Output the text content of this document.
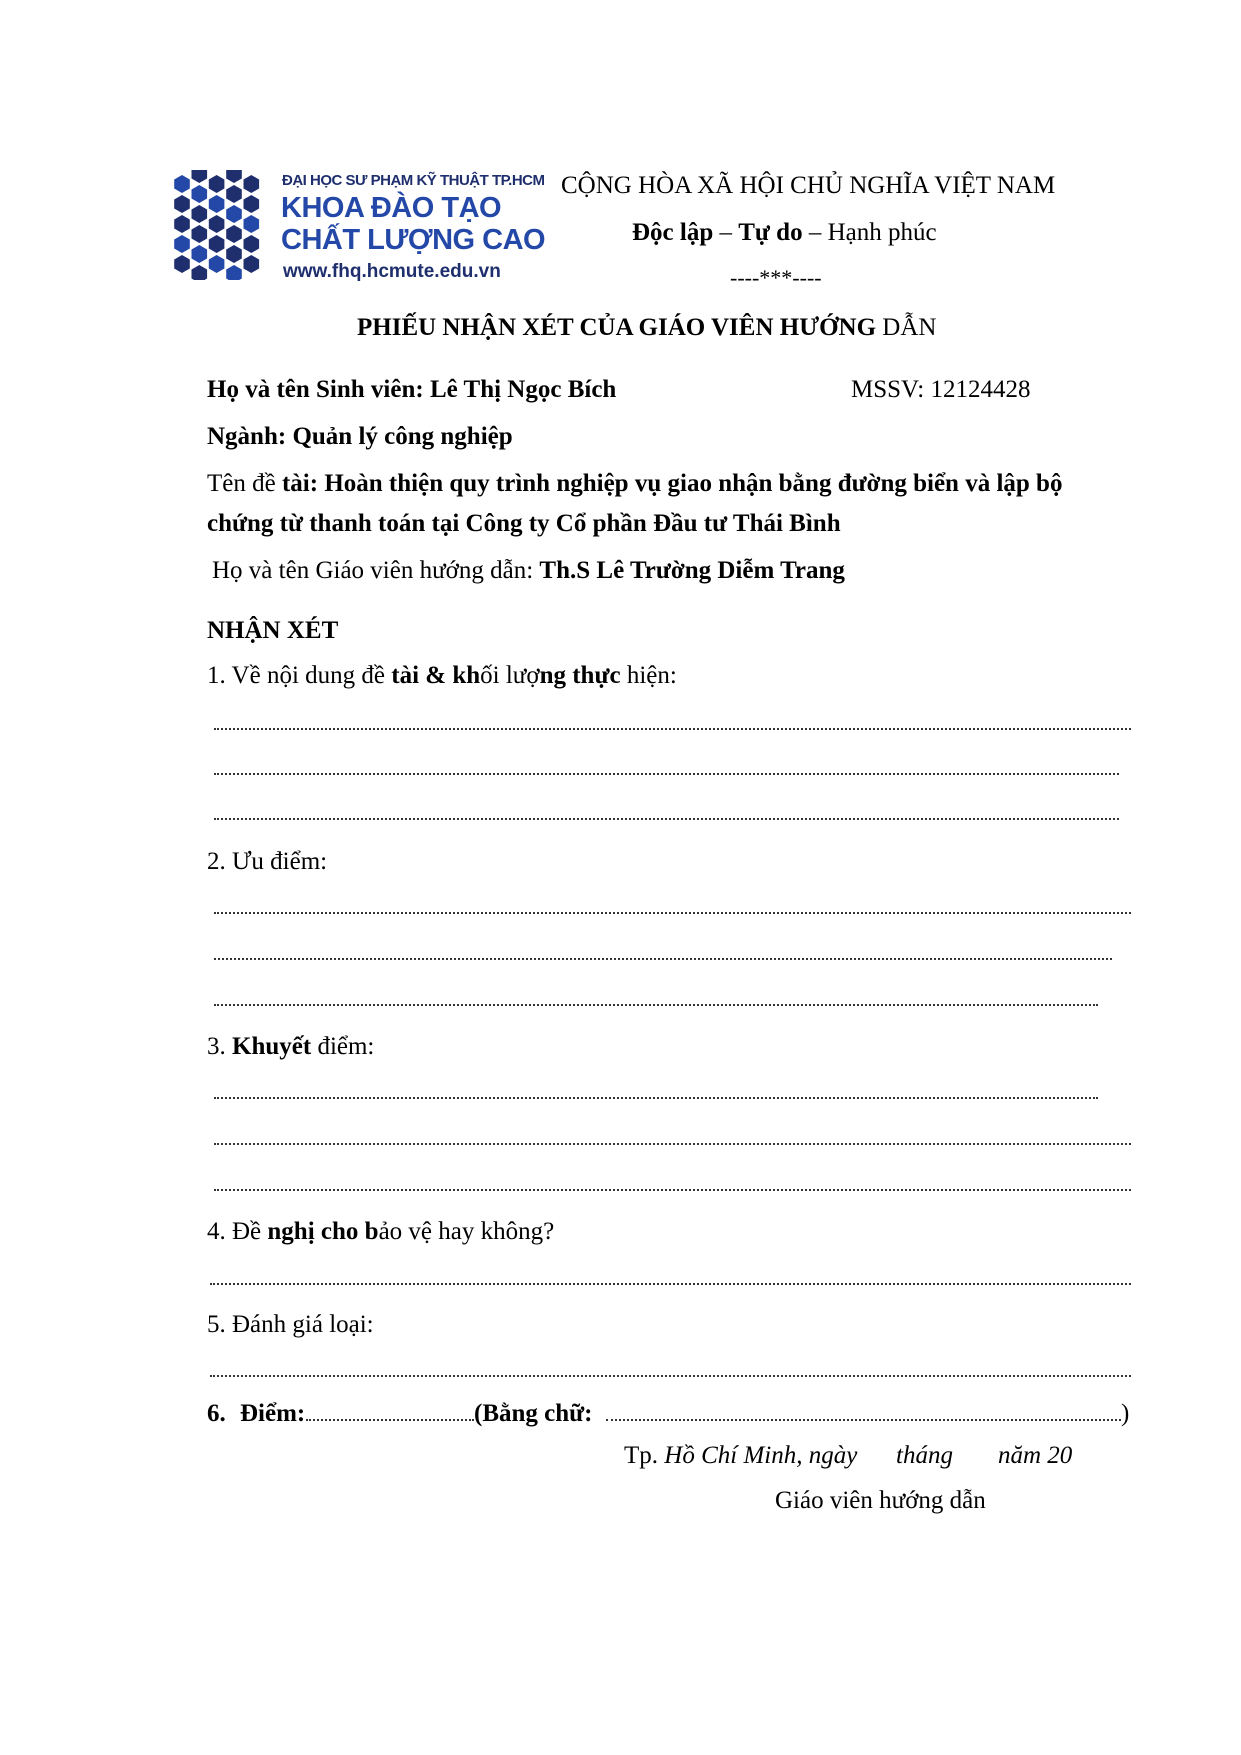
ĐẠI HỌC SƯ PHẠM KỸ THUẬT TP.HCM
KHOA ĐÀO TẠO
CHẤT LƯỢNG CAO
www.fhq.hcmute.edu.vn
CỘNG HÒA XÃ HỘI CHỦ NGHĨA VIỆT NAM
Độc lập – Tự do – Hạnh phúc
----***----
PHIẾU NHẬN XÉT CỦA GIÁO VIÊN HƯỚNG DẪN
Họ và tên Sinh viên: Lê Thị Ngọc Bích	MSSV: 12124428
Ngành: Quản lý công nghiệp
Tên đề tài: Hoàn thiện quy trình nghiệp vụ giao nhận bằng đường biển và lập bộ
chứng từ thanh toán tại Công ty Cổ phần Đầu tư Thái Bình
Họ và tên Giáo viên hướng dẫn: Th.S Lê Trường Diễm Trang
NHẬN XÉT
1. Về nội dung đề tài & khối lượng thực hiện:
2. Ưu điểm:
3. Khuyết điểm:
4. Đề nghị cho bảo vệ hay không?
5. Đánh giá loại:
6. Điểm:	(Bằng chữ:	)
Tp. Hồ Chí Minh, ngày tháng năm 20
Giáo viên hướng dẫn
